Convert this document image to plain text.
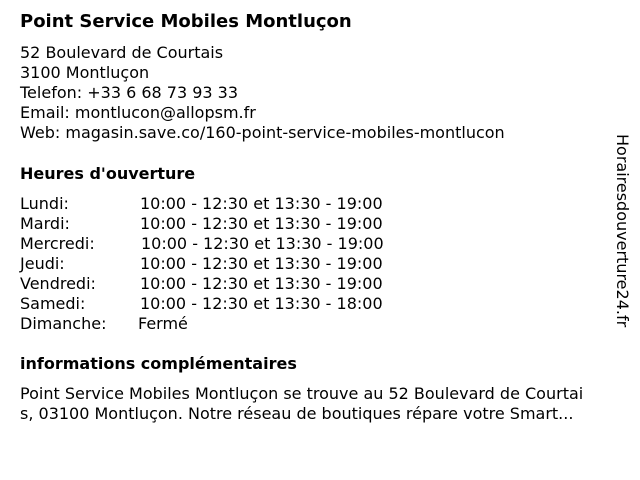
Point Service Mobiles Montluçon
52 Boulevard de Courtais
3100 Montluçon
Telefon: +33 6 68 73 93 33
Email: montlucon@allopsm.fr
Web: magasin.save.co/160-point-service-mobiles-montlucon
Heures d'ouverture
Lundi:	10:00 - 12:30 et 13:30 - 19:00
Mardi:	10:00 - 12:30 et 13:30 - 19:00
Mercredi:	10:00 - 12:30 et 13:30 - 19:00
Jeudi:	10:00 - 12:30 et 13:30 - 19:00
Vendredi:	10:00 - 12:30 et 13:30 - 19:00
Samedi:	10:00 - 12:30 et 13:30 - 18:00
Dimanche: Fermé
informations complémentaires
Point Service Mobiles Montluçon se trouve au 52 Boulevard de Courtai
s, 03100 Montluçon. Notre réseau de boutiques répare votre Smart...
Horairesdouverture24.fr
